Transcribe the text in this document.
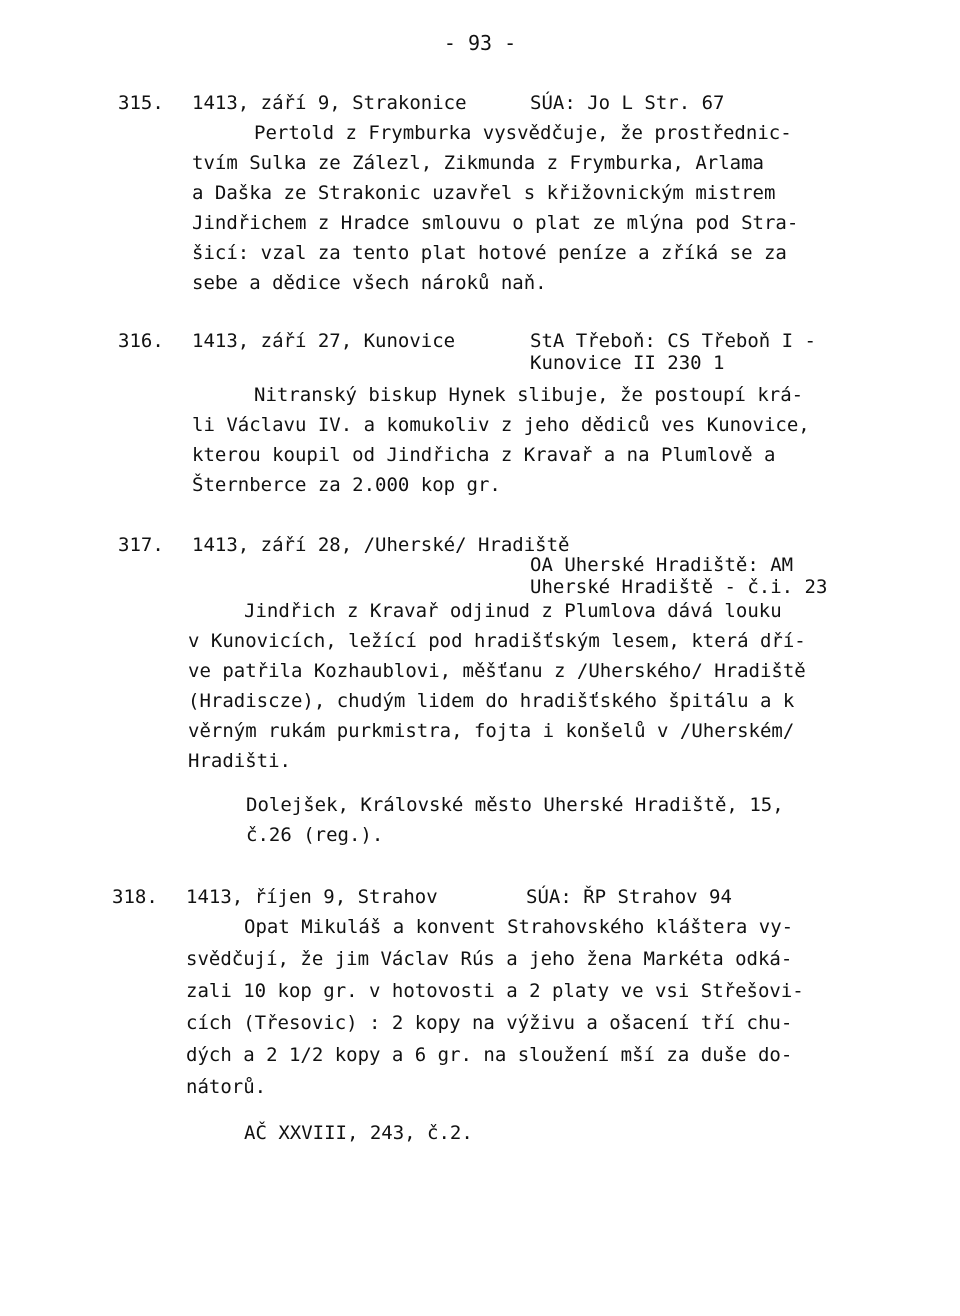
- 93 -
315. 1413, září 9, Strakonice	SÚA: Jo L Str. 67
Pertold z Frymburka vysvědčuje, že prostřednic-
tvím Sulka ze Zálezl, Zikmunda z Frymburka, Arlama
a Daška ze Strakonic uzavřel s křižovnickým mistrem
Jindřichem z Hradce smlouvu o plat ze mlýna pod Stra-
šicí: vzal za tento plat hotové peníze a zříká se za
sebe a dědice všech nároků naň.
316. 1413, září 27, Kunovice	StA Třeboň: CS Třeboň I -
Kunovice II 230 1
Nitranský biskup Hynek slibuje, že postoupí krá-
li Václavu IV. a komukoliv z jeho dědiců ves Kunovice,
kterou koupil od Jindřicha z Kravař a na Plumlově a
Šternberce za 2.000 kop gr.
317. 1413, září 28, /Uherské/ Hradiště
OA Uherské Hradiště: AM
Uherské Hradiště - č.i. 23
Jindřich z Kravař odjinud z Plumlova dává louku
v Kunovicích, ležící pod hradišťským lesem, která dří-
ve patřila Kozhaublovi, měšťanu z /Uherského/ Hradiště
(Hradiscze), chudým lidem do hradišťského špitálu a k
věrným rukám purkmistra, fojta i konšelů v /Uherském/
Hradišti.
Dolejšek, Královské město Uherské Hradiště, 15,
č.26 (reg.).
318. 1413, říjen 9, Strahov	SÚA: ŘP Strahov 94
Opat Mikuláš a konvent Strahovského kláštera vy-
svědčují, že jim Václav Rús a jeho žena Markéta odká-
zali 10 kop gr. v hotovosti a 2 platy ve vsi Střešovi-
cích (Třesovic) : 2 kopy na výživu a ošacení tří chu-
dých a 2 1/2 kopy a 6 gr. na sloužení mší za duše do-
nátorů.
AČ XXVIII, 243, č.2.
